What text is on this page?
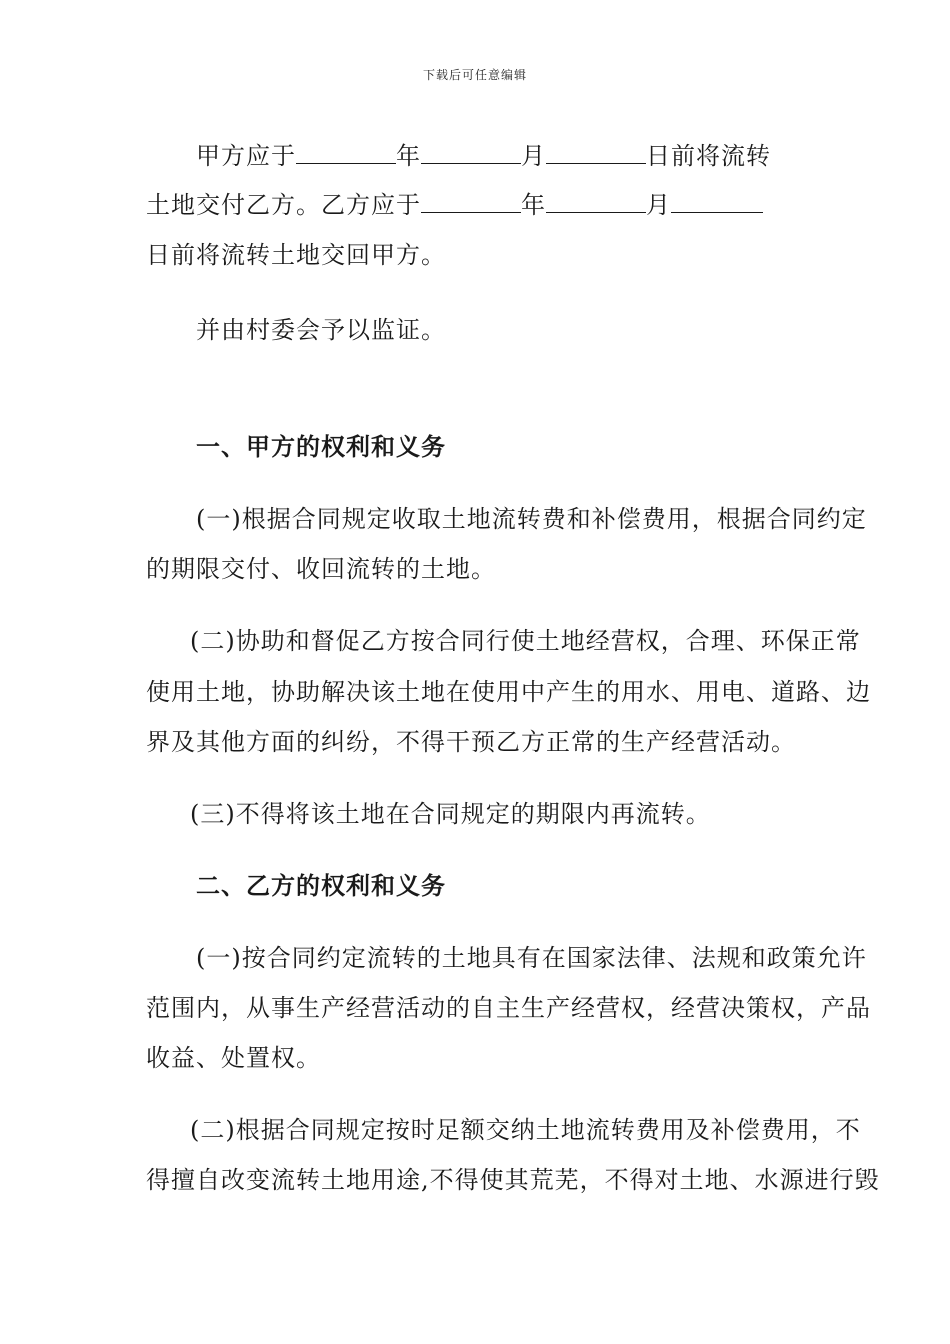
下载后可任意编辑
甲方应于	年	月	日前将流转
土地交付乙方。乙方应于	年	月
日前将流转土地交回甲方。
并由村委会予以监证。
一、甲方的权利和义务
(一)根据合同规定收取土地流转费和补偿费用，根据合同约定
的期限交付、收回流转的土地。
(二)协助和督促乙方按合同行使土地经营权，合理、环保正常
使用土地，协助解决该土地在使用中产生的用水、用电、道路、边
界及其他方面的纠纷，不得干预乙方正常的生产经营活动。
(三)不得将该土地在合同规定的期限内再流转。
二、乙方的权利和义务
(一)按合同约定流转的土地具有在国家法律、法规和政策允许
范围内，从事生产经营活动的自主生产经营权，经营决策权，产品
收益、处置权。
(二)根据合同规定按时足额交纳土地流转费用及补偿费用，不
得擅自改变流转土地用途,不得使其荒芜，不得对土地、水源进行毁
